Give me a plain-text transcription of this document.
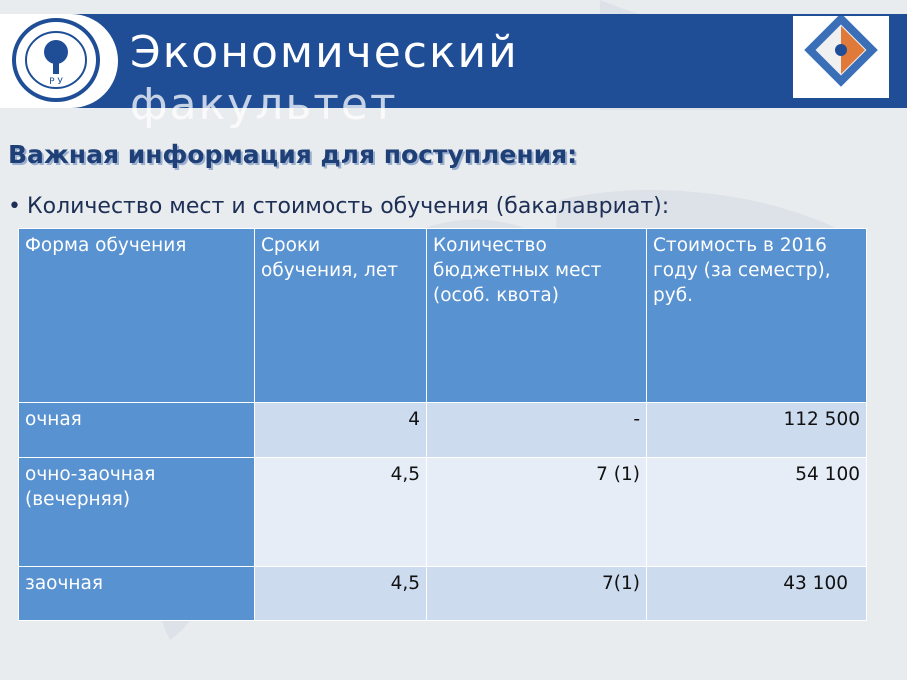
Р У
Экономический
факультет
Важная информация для поступления:
• Количество мест и стоимость обучения (бакалавриат):
Форма обучения	Сроки обучения, лет	Количество бюджетных мест (особ. квота)	Стоимость в 2016 году (за семестр), руб.
очная	4	-	112 500
очно-заочная (вечерняя)	4,5	7 (1)	54 100
заочная	4,5	7(1)	43 100
